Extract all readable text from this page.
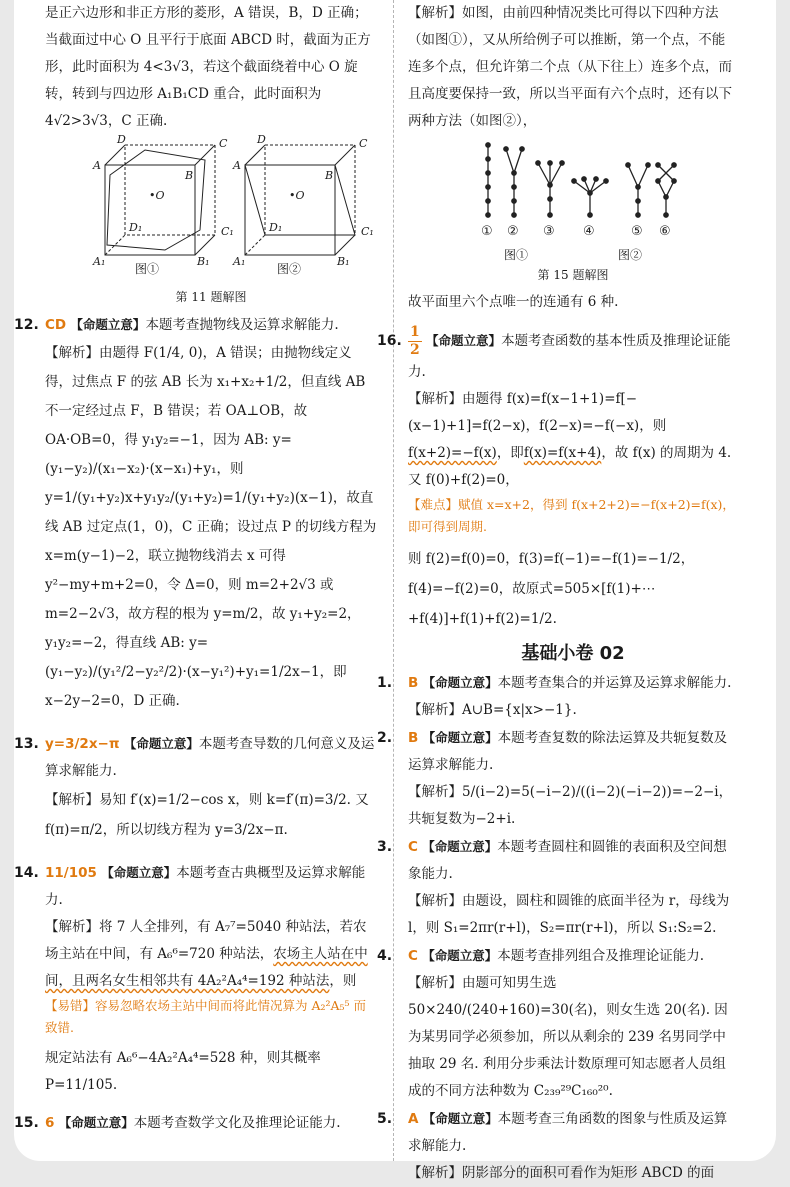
是正六边形和非正方形的菱形，A 错误，B，D 正确；当截面过中心 O 且平行于底面 ABCD 时，截面为正方形，此时面积为 4<3√3，若这个截面绕着中心 O 旋转，转到与四边形 A₁B₁CD 重合，此时面积为 4√2>3√3，C 正确.

D	C
A
B
•O
D₁	C₁
A₁	B₁
D	C
A
B
•O
D₁	C₁
A₁	B₁
图①	图②

第 11 题解图

12. CD 【命题立意】本题考查抛物线及运算求解能力.

【解析】由题得 F(1/4, 0)，A 错误；由抛物线定义得，过焦点 F 的弦 AB 长为 x₁+x₂+1/2，但直线 AB 不一定经过点 F，B 错误；若 OA⊥OB，故 OA·OB=0，得 y₁y₂=−1，因为 AB: y=(y₁−y₂)/(x₁−x₂)·(x−x₁)+y₁，则 y=1/(y₁+y₂)x+y₁y₂/(y₁+y₂)=1/(y₁+y₂)(x−1)，故直线 AB 过定点(1，0)，C 正确；设过点 P 的切线方程为 x=m(y−1)−2，联立抛物线消去 x 可得 y²−my+m+2=0，令 Δ=0，则 m=2+2√3 或 m=2−2√3，故方程的根为 y=m/2，故 y₁+y₂=2，y₁y₂=−2，得直线 AB: y=(y₁−y₂)/(y₁²/2−y₂²/2)·(x−y₁²)+y₁=1/2x−1，即 x−2y−2=0，D 正确.

13. y=3/2x−π 【命题立意】本题考查导数的几何意义及运算求解能力.

【解析】易知 f′(x)=1/2−cos x，则 k=f′(π)=3/2. 又 f(π)=π/2，所以切线方程为 y=3/2x−π.

14. 11/105 【命题立意】本题考查古典概型及运算求解能力.

【解析】将 7 人全排列，有 A₇⁷=5040 种站法，若农场主站在中间，有 A₆⁶=720 种站法，农场主人站在中间，且两名女生相邻共有 4A₂²A₄⁴=192 种站法，则

【易错】容易忽略农场主站中间而将此情况算为 A₂²A₅⁵ 而致错.

规定站法有 A₆⁶−4A₂²A₄⁴=528 种，则其概率 P=11/105.

15. 6 【命题立意】本题考查数学文化及推理论证能力.

【解析】如图，由前四种情况类比可得以下四种方法（如图①），又从所给例子可以推断，第一个点，不能连多个点，但允许第二个点（从下往上）连多个点，而且高度要保持一致，所以当平面有六个点时，还有以下两种方法（如图②），

① ② ③ ④	⑤ ⑥

图①	图②

第 15 题解图

故平面里六个点唯一的连通有 6 种.

16. $\frac{1}{2}$ 【命题立意】本题考查函数的基本性质及推理论证能力.

【解析】由题得 f(x)=f(x−1+1)=f[−(x−1)+1]=f(2−x)，f(2−x)=−f(−x)，则f(x+2)=−f(x)，即f(x)=f(x+4)，故 f(x) 的周期为 4. 又 f(0)+f(2)=0，

【难点】赋值 x=x+2，得到 f(x+2+2)=−f(x+2)=f(x)，即可得到周期.

则 f(2)=f(0)=0，f(3)=f(−1)=−f(1)=−1/2，f(4)=−f(2)=0，故原式=505×[f(1)+⋯+f(4)]+f(1)+f(2)=1/2.

基础小卷 02

1. B 【命题立意】本题考查集合的并运算及运算求解能力.

【解析】A∪B={x|x>−1}.

2. B 【命题立意】本题考查复数的除法运算及共轭复数及运算求解能力.

【解析】5/(i−2)=5(−i−2)/((i−2)(−i−2))=−2−i，共轭复数为−2+i.

3. C 【命题立意】本题考查圆柱和圆锥的表面积及空间想象能力.

【解析】由题设，圆柱和圆锥的底面半径为 r，母线为 l，则 S₁=2πr(r+l)，S₂=πr(r+l)，所以 S₁:S₂=2.

4. C 【命题立意】本题考查排列组合及推理论证能力.

【解析】由题可知男生选 50×240/(240+160)=30(名)，则女生选 20(名). 因为某男同学必须参加，所以从剩余的 239 名男同学中抽取 29 名. 利用分步乘法计数原理可知志愿者人员组成的不同方法种数为 C₂₃₉²⁹C₁₆₀²⁰.

5. A 【命题立意】本题考查三角函数的图象与性质及运算求解能力.

【解析】阴影部分的面积可看作为矩形 ABCD 的面
